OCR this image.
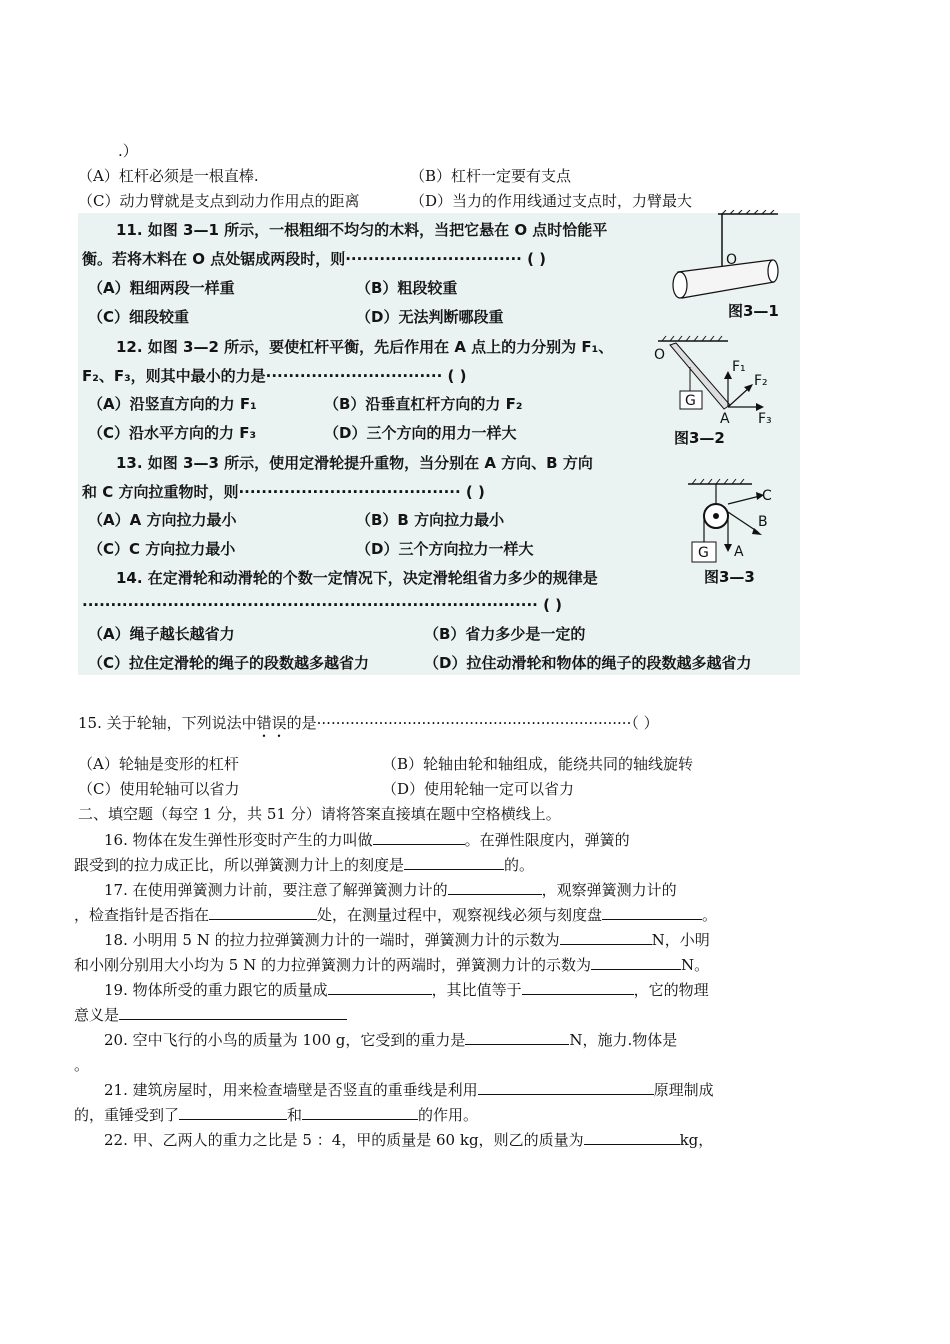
.）
（A）杠杆必须是一根直棒.	（B）杠杆一定要有支点
（C）动力臂就是支点到动力作用点的距离	（D）当力的作用线通过支点时，力臂最大
11. 如图 3—1 所示，一根粗细不均匀的木料，当把它悬在 O 点时恰能平
衡。若将木料在 O 点处锯成两段时，则······························· ( )
（A）粗细两段一样重	（B）粗段较重
（C）细段较重	（D）无法判断哪段重
12. 如图 3—2 所示，要使杠杆平衡，先后作用在 A 点上的力分别为 F₁、
F₂、F₃，则其中最小的力是······························· ( )
（A）沿竖直方向的力 F₁	（B）沿垂直杠杆方向的力 F₂
（C）沿水平方向的力 F₃	（D）三个方向的用力一样大
13. 如图 3—3 所示，使用定滑轮提升重物，当分别在 A 方向、B 方向
和 C 方向拉重物时，则······································· ( )
（A）A 方向拉力最小	（B）B 方向拉力最小
（C）C 方向拉力最小	（D）三个方向拉力一样大
14. 在定滑轮和动滑轮的个数一定情况下，决定滑轮组省力多少的规律是
················································································ ( )
（A）绳子越长越省力	（B）省力多少是一定的
（C）拉住定滑轮的绳子的段数越多越省力	（D）拉住动滑轮和物体的绳子的段数越多越省力
O
图3—1
O
G
F₁
F₂
F₃
A
图3—2
G
C
B
A
图3—3
15. 关于轮轴，下列说法中错误的是··································································（ ）
（A）轮轴是变形的杠杆	（B）轮轴由轮和轴组成，能绕共同的轴线旋转
（C）使用轮轴可以省力	（D）使用轮轴一定可以省力
二、填空题（每空 1 分，共 51 分）请将答案直接填在题中空格横线上。
16. 物体在发生弹性形变时产生的力叫做	。在弹性限度内，弹簧的
跟受到的拉力成正比，所以弹簧测力计上的刻度是	的。
17. 在使用弹簧测力计前，要注意了解弹簧测力计的	，观察弹簧测力计的
，检查指针是否指在	处，在测量过程中，观察视线必须与刻度盘	。
18. 小明用 5 N 的拉力拉弹簧测力计的一端时，弹簧测力计的示数为	N，小明
和小刚分别用大小均为 5 N 的力拉弹簧测力计的两端时，弹簧测力计的示数为	N。
19. 物体所受的重力跟它的质量成	，其比值等于	，它的物理
意义是
20. 空中飞行的小鸟的质量为 100 g，它受到的重力是	N，施力.物体是
。
21. 建筑房屋时，用来检查墙壁是否竖直的重垂线是利用	原理制成
的，重锤受到了	和	的作用。
22. 甲、乙两人的重力之比是 5 ：4，甲的质量是 60 kg，则乙的质量为	kg，
